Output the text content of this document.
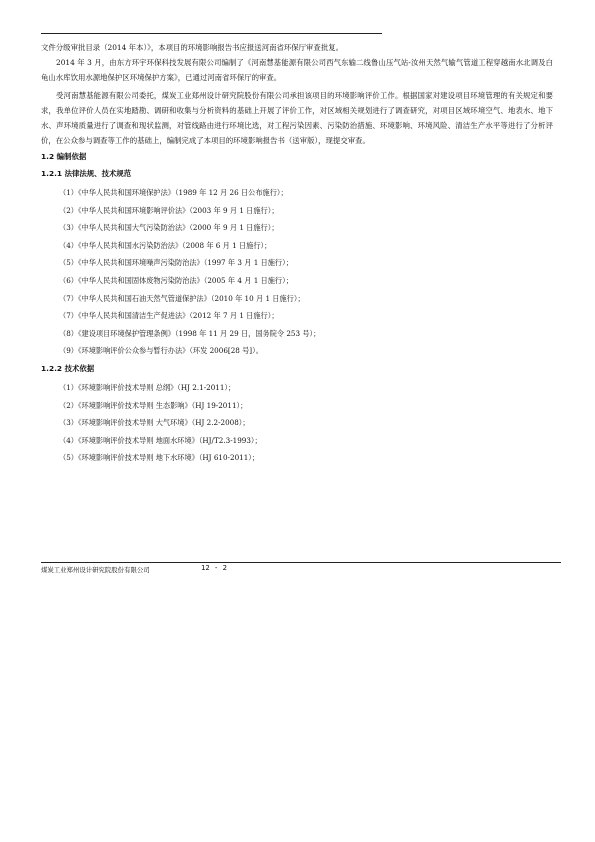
文件分级审批目录（2014 年本）》，本项目的环境影响报告书应报送河南省环保厅审查批复。

2014 年 3 月，由东方环宇环保科技发展有限公司编制了《河南慧基能源有限公司西气东输二线鲁山压气站-汝州天然气输气管道工程穿越南水北调及白龟山水库饮用水源地保护区环境保护方案》，已通过河南省环保厅的审查。

受河南慧基能源有限公司委托，煤炭工业郑州设计研究院股份有限公司承担该项目的环境影响评价工作。根据国家对建设项目环境管理的有关规定和要求，我单位评价人员在实地踏勘、调研和收集与分析资料的基础上开展了评价工作，对区域相关规划进行了调查研究，对项目区域环境空气、地表水、地下水、声环境质量进行了调查和现状监测，对管线路由进行环境比选，对工程污染因素、污染防治措施、环境影响、环境风险、清洁生产水平等进行了分析评价，在公众参与调查等工作的基础上，编制完成了本项目的环境影响报告书（送审版），现提交审查。

1.2 编制依据
1.2.1 法律法规、技术规范

（1）《中华人民共和国环境保护法》（1989 年 12 月 26 日公布施行）；

（2）《中华人民共和国环境影响评价法》（2003 年 9 月 1 日施行）；

（3）《中华人民共和国大气污染防治法》（2000 年 9 月 1 日施行）；

（4）《中华人民共和国水污染防治法》（2008 年 6 月 1 日施行）；

（5）《中华人民共和国环境噪声污染防治法》（1997 年 3 月 1 日施行）；

（6）《中华人民共和国固体废物污染防治法》（2005 年 4 月 1 日施行）；

（7）《中华人民共和国石油天然气管道保护法》（2010 年 10 月 1 日施行）；

（7）《中华人民共和国清洁生产促进法》（2012 年 7 月 1 日施行）；

（8）《建设项目环境保护管理条例》（1998 年 11 月 29 日，国务院令 253 号）；

（9）《环境影响评价公众参与暂行办法》（环发 2006[28 号]）。

1.2.2 技术依据

（1）《环境影响评价技术导则 总纲》（HJ 2.1-2011）；

（2）《环境影响评价技术导则 生态影响》（HJ 19-2011）；

（3）《环境影响评价技术导则 大气环境》（HJ 2.2-2008）；

（4）《环境影响评价技术导则 地面水环境》（HJ/T2.3-1993）；

（5）《环境影响评价技术导则 地下水环境》（HJ 610-2011）；

煤炭工业郑州设计研究院股份有限公司	12 - 2
